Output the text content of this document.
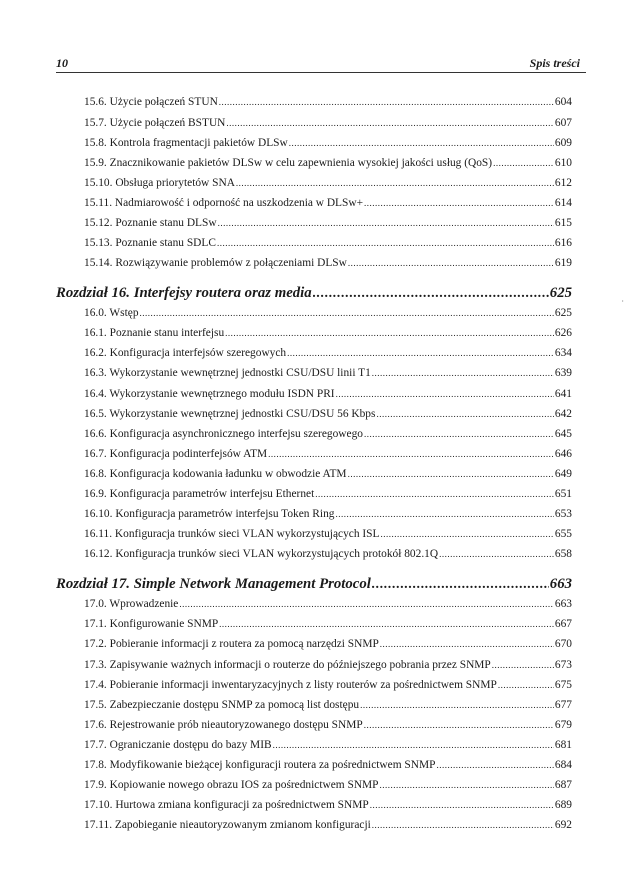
10	Spis treści
15.6. Użycie połączeń STUN .....	604
15.7. Użycie połączeń BSTUN .....	607
15.8. Kontrola fragmentacji pakietów DLSw .....	609
15.9. Znacznikowanie pakietów DLSw w celu zapewnienia wysokiej jakości usług (QoS) .....	610
15.10. Obsługa priorytetów SNA .....	612
15.11. Nadmiarowość i odporność na uszkodzenia w DLSw+ .....	614
15.12. Poznanie stanu DLSw .....	615
15.13. Poznanie stanu SDLC .....	616
15.14. Rozwiązywanie problemów z połączeniami DLSw .....	619
Rozdział 16. Interfejsy routera oraz media .....	625
16.0. Wstęp .....	625
16.1. Poznanie stanu interfejsu .....	626
16.2. Konfiguracja interfejsów szeregowych .....	634
16.3. Wykorzystanie wewnętrznej jednostki CSU/DSU linii T1 .....	639
16.4. Wykorzystanie wewnętrznego modułu ISDN PRI .....	641
16.5. Wykorzystanie wewnętrznej jednostki CSU/DSU 56 Kbps .....	642
16.6. Konfiguracja asynchronicznego interfejsu szeregowego .....	645
16.7. Konfiguracja podinterfejsów ATM .....	646
16.8. Konfiguracja kodowania ładunku w obwodzie ATM .....	649
16.9. Konfiguracja parametrów interfejsu Ethernet .....	651
16.10. Konfiguracja parametrów interfejsu Token Ring .....	653
16.11. Konfiguracja trunków sieci VLAN wykorzystujących ISL .....	655
16.12. Konfiguracja trunków sieci VLAN wykorzystujących protokół 802.1Q .....	658
Rozdział 17. Simple Network Management Protocol .....	663
17.0. Wprowadzenie .....	663
17.1. Konfigurowanie SNMP .....	667
17.2. Pobieranie informacji z routera za pomocą narzędzi SNMP .....	670
17.3. Zapisywanie ważnych informacji o routerze do późniejszego pobrania przez SNMP .....	673
17.4. Pobieranie informacji inwentaryzacyjnych z listy routerów za pośrednictwem SNMP .....	675
17.5. Zabezpieczanie dostępu SNMP za pomocą list dostępu .....	677
17.6. Rejestrowanie prób nieautoryzowanego dostępu SNMP .....	679
17.7. Ograniczanie dostępu do bazy MIB .....	681
17.8. Modyfikowanie bieżącej konfiguracji routera za pośrednictwem SNMP .....	684
17.9. Kopiowanie nowego obrazu IOS za pośrednictwem SNMP .....	687
17.10. Hurtowa zmiana konfiguracji za pośrednictwem SNMP .....	689
17.11. Zapobieganie nieautoryzowanym zmianom konfiguracji .....	692
·
